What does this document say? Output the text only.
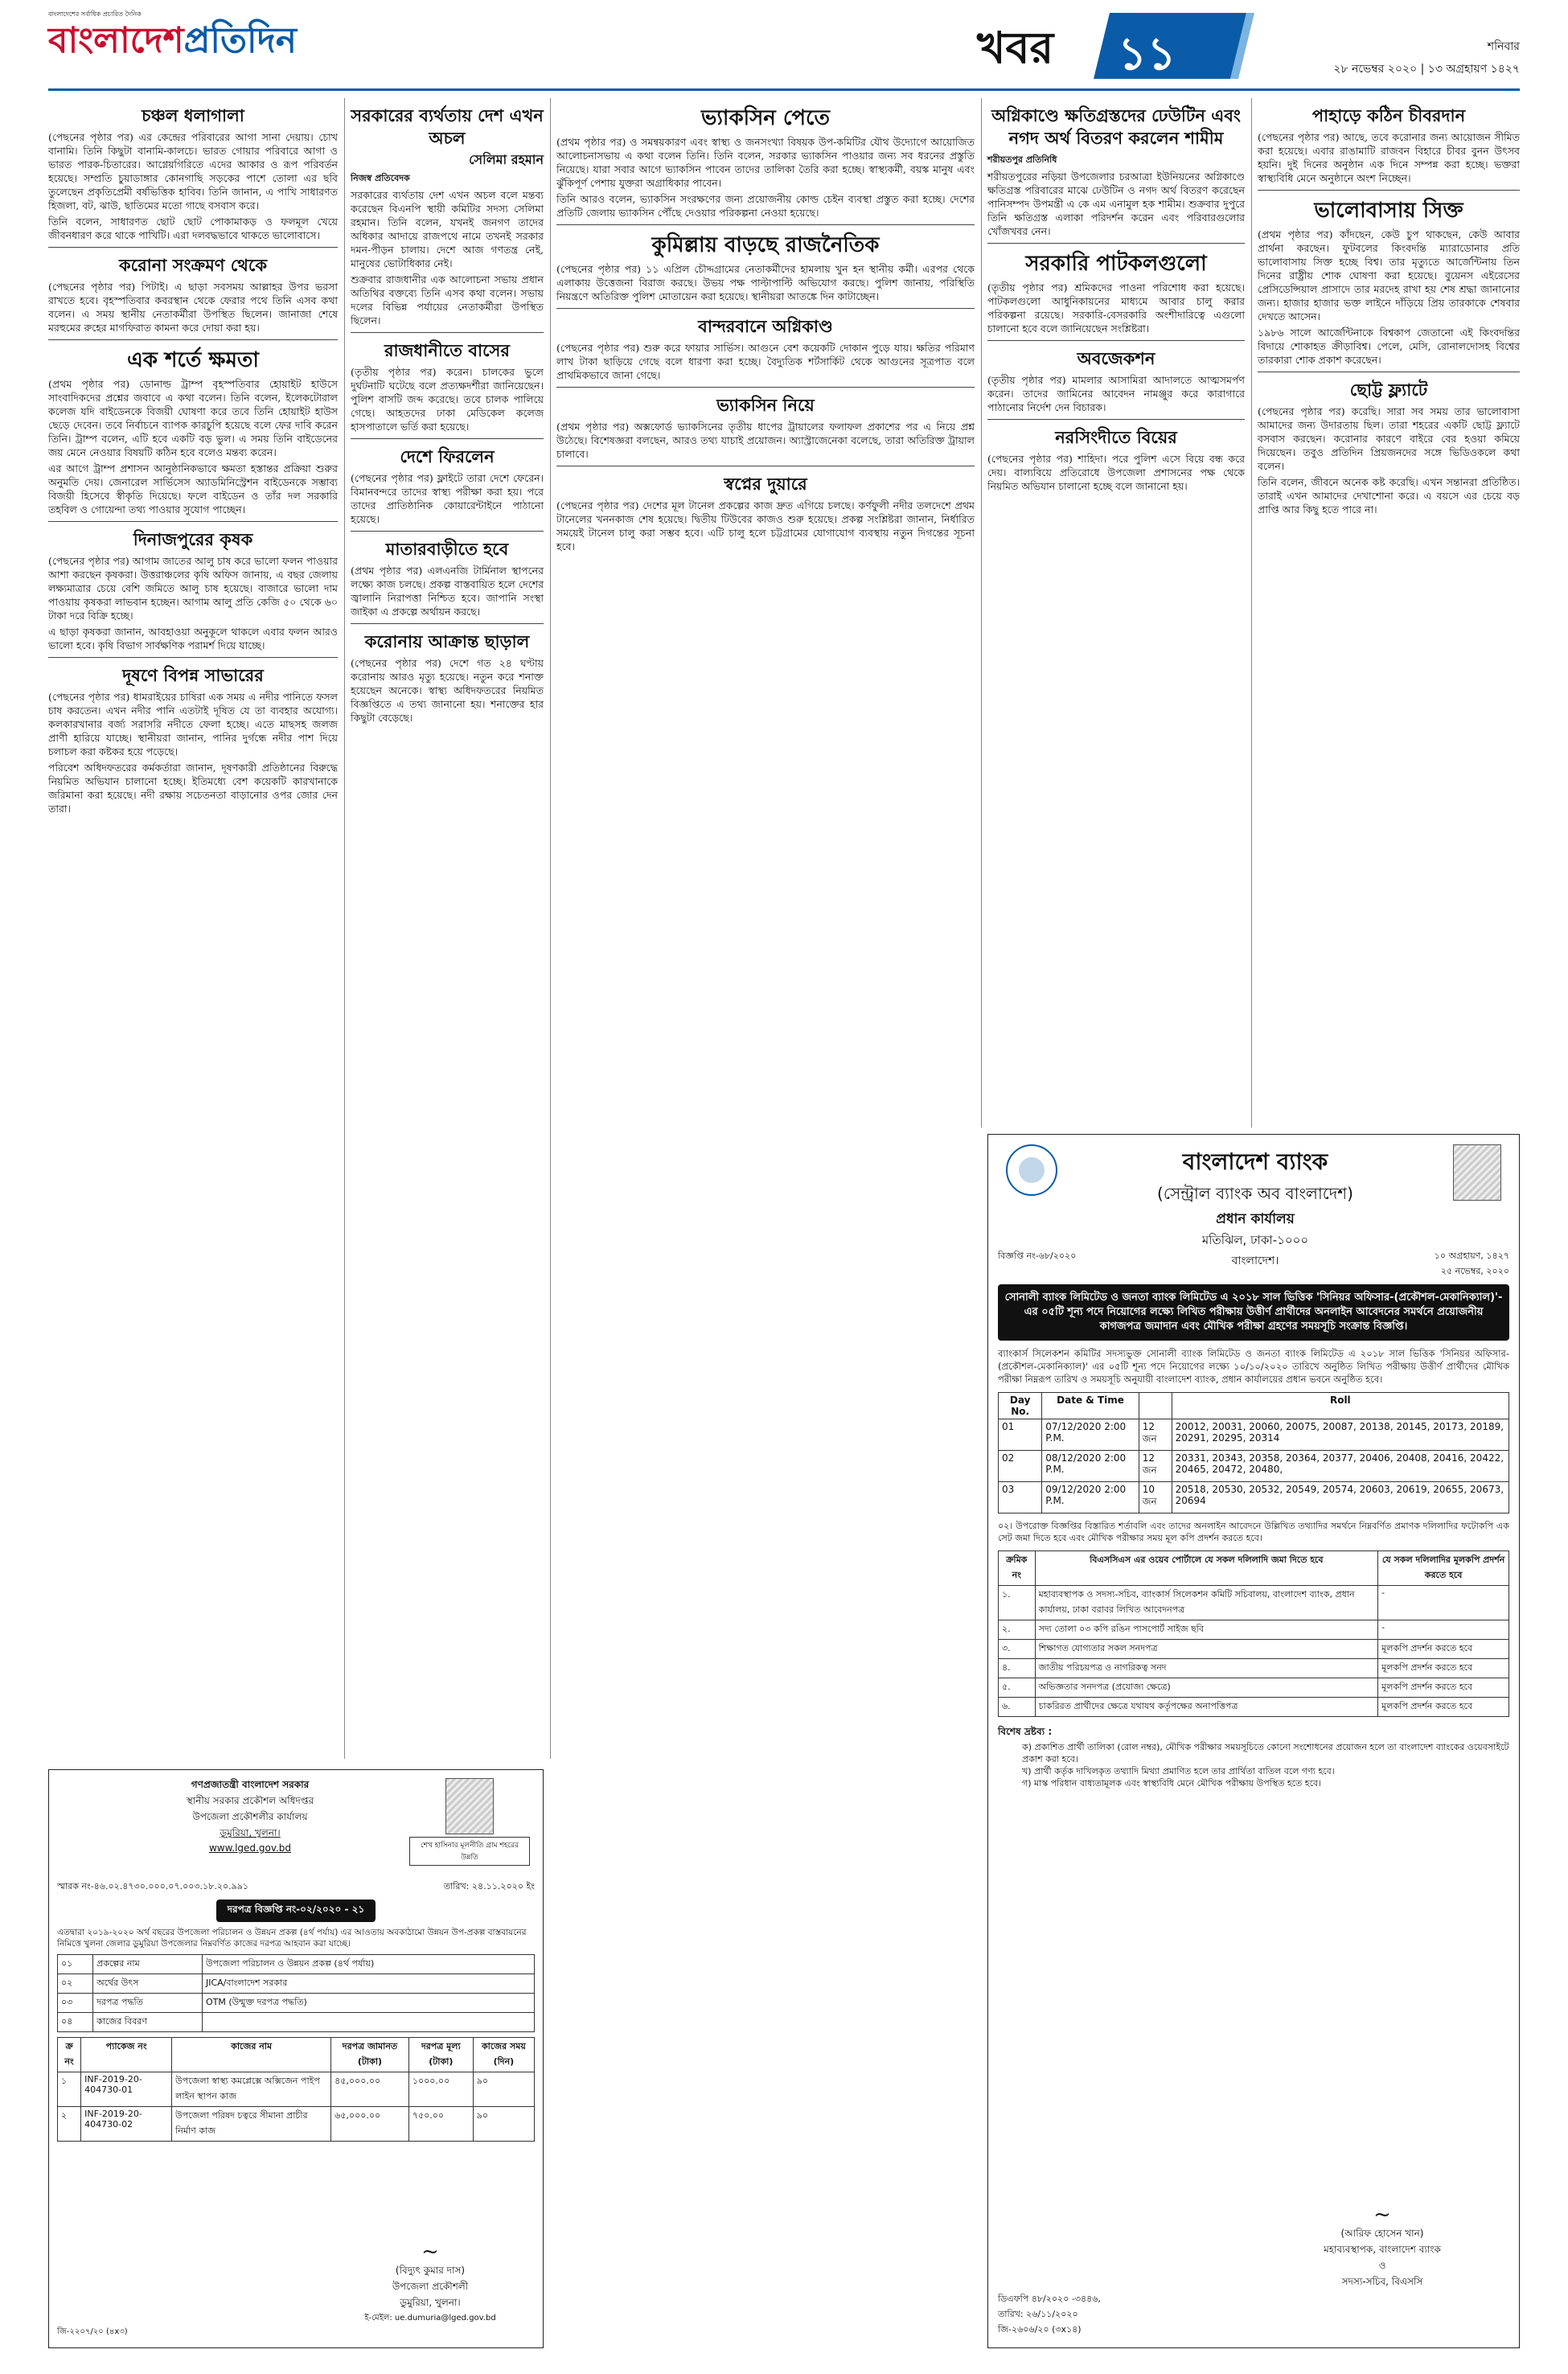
বাংলাদেশের সর্বাধিক প্রচারিত দৈনিক
বাংলাদেশপ্রতিদিন	খবর ১১	শনিবার
২৮ নভেম্বর ২০২০ | ১৩ অগ্রহায়ণ ১৪২৭
চঞ্চল ধলাগালা

(পেছনের পৃষ্ঠার পর) এর কেন্দ্রের পরিবারের আগা সানা দেয়ায়। চোখ বানামি। তিনি কিছুটা বানামি-কালচে। ভারত গোয়ার পরিবারে আগা ও ভারত পারক-চিতারের। আগ্নেয়গিরিতে এদের আকার ও রূপ পরিবর্তন হয়েছে। সম্প্রতি চুয়াডাঙ্গার কোনগাছি সড়কের পাশে তোলা এর ছবি তুলেছেন প্রকৃতিপ্রেমী বর্ষভিত্তিক হাবিব। তিনি জানান, এ পাখি সাধারণত হিজলা, বট, ঝাউ, ছাতিমের মতো গাছে বসবাস করে।

তিনি বলেন, সাধারণত ছোট ছোট পোকামাকড় ও ফলমূল খেয়ে জীবনধারণ করে থাকে পাখিটি। এরা দলবদ্ধভাবে থাকতে ভালোবাসে।

করোনা সংক্রমণ থেকে

(পেছনের পৃষ্ঠার পর) পিটাই। এ ছাড়া সবসময় আল্লাহর উপর ভরসা রাখতে হবে। বৃহস্পতিবার কবরস্থান থেকে ফেরার পথে তিনি এসব কথা বলেন। এ সময় স্থানীয় নেতাকর্মীরা উপস্থিত ছিলেন। জানাজা শেষে মরহুমের রুহের মাগফিরাত কামনা করে দোয়া করা হয়।

এক শর্তে ক্ষমতা

(প্রথম পৃষ্ঠার পর) ডোনাল্ড ট্রাম্প বৃহস্পতিবার হোয়াইট হাউসে সাংবাদিকদের প্রশ্নের জবাবে এ কথা বলেন। তিনি বলেন, ইলেকটোরাল কলেজ যদি বাইডেনকে বিজয়ী ঘোষণা করে তবে তিনি হোয়াইট হাউস ছেড়ে দেবেন। তবে নির্বাচনে ব্যাপক কারচুপি হয়েছে বলে ফের দাবি করেন তিনি। ট্রাম্প বলেন, এটি হবে একটি বড় ভুল। এ সময় তিনি বাইডেনের জয় মেনে নেওয়ার বিষয়টি কঠিন হবে বলেও মন্তব্য করেন।

এর আগে ট্রাম্প প্রশাসন আনুষ্ঠানিকভাবে ক্ষমতা হস্তান্তর প্রক্রিয়া শুরুর অনুমতি দেয়। জেনারেল সার্ভিসেস অ্যাডমিনিস্ট্রেশন বাইডেনকে সম্ভাব্য বিজয়ী হিসেবে স্বীকৃতি দিয়েছে। ফলে বাইডেন ও তাঁর দল সরকারি তহবিল ও গোয়েন্দা তথ্য পাওয়ার সুযোগ পাচ্ছেন।

দিনাজপুরের কৃষক

(পেছনের পৃষ্ঠার পর) আগাম জাতের আলু চাষ করে ভালো ফলন পাওয়ার আশা করছেন কৃষকরা। উত্তরাঞ্চলের কৃষি অফিস জানায়, এ বছর জেলায় লক্ষ্যমাত্রার চেয়ে বেশি জমিতে আলু চাষ হয়েছে। বাজারে ভালো দাম পাওয়ায় কৃষকরা লাভবান হচ্ছেন। আগাম আলু প্রতি কেজি ৫০ থেকে ৬০ টাকা দরে বিক্রি হচ্ছে।

এ ছাড়া কৃষকরা জানান, আবহাওয়া অনুকূলে থাকলে এবার ফলন আরও ভালো হবে। কৃষি বিভাগ সার্বক্ষণিক পরামর্শ দিয়ে যাচ্ছে।

দূষণে বিপন্ন সাভারের

(পেছনের পৃষ্ঠার পর) ধামরাইয়ের চাষিরা এক সময় এ নদীর পানিতে ফসল চাষ করতেন। এখন নদীর পানি এতটাই দূষিত যে তা ব্যবহার অযোগ্য। কলকারখানার বর্জ্য সরাসরি নদীতে ফেলা হচ্ছে। এতে মাছসহ জলজ প্রাণী হারিয়ে যাচ্ছে। স্থানীয়রা জানান, পানির দুর্গন্ধে নদীর পাশ দিয়ে চলাচল করা কষ্টকর হয়ে পড়েছে।

পরিবেশ অধিদফতরের কর্মকর্তারা জানান, দূষণকারী প্রতিষ্ঠানের বিরুদ্ধে নিয়মিত অভিযান চালানো হচ্ছে। ইতিমধ্যে বেশ কয়েকটি কারখানাকে জরিমানা করা হয়েছে। নদী রক্ষায় সচেতনতা বাড়ানোর ওপর জোর দেন তারা।

সরকারের ব্যর্থতায় দেশ এখন অচল
সেলিমা রহমান
নিজস্ব প্রতিবেদক

সরকারের ব্যর্থতায় দেশ এখন অচল বলে মন্তব্য করেছেন বিএনপি স্থায়ী কমিটির সদস্য সেলিমা রহমান। তিনি বলেন, যখনই জনগণ তাদের অধিকার আদায়ে রাজপথে নামে তখনই সরকার দমন-পীড়ন চালায়। দেশে আজ গণতন্ত্র নেই, মানুষের ভোটাধিকার নেই।

শুক্রবার রাজধানীর এক আলোচনা সভায় প্রধান অতিথির বক্তব্যে তিনি এসব কথা বলেন। সভায় দলের বিভিন্ন পর্যায়ের নেতাকর্মীরা উপস্থিত ছিলেন।

রাজধানীতে বাসের

(তৃতীয় পৃষ্ঠার পর) করেন। চালকের ভুলে দুর্ঘটনাটি ঘটেছে বলে প্রত্যক্ষদর্শীরা জানিয়েছেন। পুলিশ বাসটি জব্দ করেছে। তবে চালক পালিয়ে গেছে। আহতদের ঢাকা মেডিকেল কলেজ হাসপাতালে ভর্তি করা হয়েছে।

দেশে ফিরলেন

(পেছনের পৃষ্ঠার পর) ফ্লাইটে তারা দেশে ফেরেন। বিমানবন্দরে তাদের স্বাস্থ্য পরীক্ষা করা হয়। পরে তাদের প্রাতিষ্ঠানিক কোয়ারেন্টাইনে পাঠানো হয়েছে।

মাতারবাড়ীতে হবে

(প্রথম পৃষ্ঠার পর) এলএনজি টার্মিনাল স্থাপনের লক্ষ্যে কাজ চলছে। প্রকল্প বাস্তবায়িত হলে দেশের জ্বালানি নিরাপত্তা নিশ্চিত হবে। জাপানি সংস্থা জাইকা এ প্রকল্পে অর্থায়ন করছে।

করোনায় আক্রান্ত ছাড়াল

(পেছনের পৃষ্ঠার পর) দেশে গত ২৪ ঘণ্টায় করোনায় আরও মৃত্যু হয়েছে। নতুন করে শনাক্ত হয়েছেন অনেকে। স্বাস্থ্য অধিদফতরের নিয়মিত বিজ্ঞপ্তিতে এ তথ্য জানানো হয়। শনাক্তের হার কিছুটা বেড়েছে।

ভ্যাকসিন পেতে

(প্রথম পৃষ্ঠার পর) ও সমন্বয়কারণ এবং স্বাস্থ্য ও জনসংখ্যা বিষয়ক উপ-কমিটির যৌথ উদ্যোগে আয়োজিত আলোচনাসভায় এ কথা বলেন তিনি। তিনি বলেন, সরকার ভ্যাকসিন পাওয়ার জন্য সব ধরনের প্রস্তুতি নিয়েছে। যারা সবার আগে ভ্যাকসিন পাবেন তাদের তালিকা তৈরি করা হচ্ছে। স্বাস্থ্যকর্মী, বয়স্ক মানুষ এবং ঝুঁকিপূর্ণ পেশায় যুক্তরা অগ্রাধিকার পাবেন।

তিনি আরও বলেন, ভ্যাকসিন সংরক্ষণের জন্য প্রয়োজনীয় কোল্ড চেইন ব্যবস্থা প্রস্তুত করা হচ্ছে। দেশের প্রতিটি জেলায় ভ্যাকসিন পৌঁছে দেওয়ার পরিকল্পনা নেওয়া হয়েছে।

কুমিল্লায় বাড়ছে রাজনৈতিক

(পেছনের পৃষ্ঠার পর) ১১ এপ্রিল চৌদ্দগ্রামের নেতাকর্মীদের হামলায় খুন হন স্থানীয় কর্মী। এরপর থেকে এলাকায় উত্তেজনা বিরাজ করছে। উভয় পক্ষ পাল্টাপাল্টি অভিযোগ করছে। পুলিশ জানায়, পরিস্থিতি নিয়ন্ত্রণে অতিরিক্ত পুলিশ মোতায়েন করা হয়েছে। স্থানীয়রা আতঙ্কে দিন কাটাচ্ছেন।

বান্দরবানে অগ্নিকাণ্ড

(পেছনের পৃষ্ঠার পর) শুরু করে ফায়ার সার্ভিস। আগুনে বেশ কয়েকটি দোকান পুড়ে যায়। ক্ষতির পরিমাণ লাখ টাকা ছাড়িয়ে গেছে বলে ধারণা করা হচ্ছে। বৈদ্যুতিক শর্টসার্কিট থেকে আগুনের সূত্রপাত বলে প্রাথমিকভাবে জানা গেছে।

ভ্যাকসিন নিয়ে

(প্রথম পৃষ্ঠার পর) অক্সফোর্ড ভ্যাকসিনের তৃতীয় ধাপের ট্রায়ালের ফলাফল প্রকাশের পর এ নিয়ে প্রশ্ন উঠেছে। বিশেষজ্ঞরা বলছেন, আরও তথ্য যাচাই প্রয়োজন। অ্যাস্ট্রাজেনেকা বলেছে, তারা অতিরিক্ত ট্রায়াল চালাবে।

স্বপ্নের দুয়ারে

(পেছনের পৃষ্ঠার পর) দেশের মূল টানেল প্রকল্পের কাজ দ্রুত এগিয়ে চলছে। কর্ণফুলী নদীর তলদেশে প্রথম টানেলের খননকাজ শেষ হয়েছে। দ্বিতীয় টিউবের কাজও শুরু হয়েছে। প্রকল্প সংশ্লিষ্টরা জানান, নির্ধারিত সময়েই টানেল চালু করা সম্ভব হবে। এটি চালু হলে চট্টগ্রামের যোগাযোগ ব্যবস্থায় নতুন দিগন্তের সূচনা হবে।

অগ্নিকাণ্ডে ক্ষতিগ্রস্তদের ঢেউটিন এবং নগদ অর্থ বিতরণ করলেন শামীম
শরীয়তপুর প্রতিনিধি

শরীয়তপুরের নড়িয়া উপজেলার চরআত্রা ইউনিয়নের অগ্নিকাণ্ডে ক্ষতিগ্রস্ত পরিবারের মাঝে ঢেউটিন ও নগদ অর্থ বিতরণ করেছেন পানিসম্পদ উপমন্ত্রী এ কে এম এনামুল হক শামীম। শুক্রবার দুপুরে তিনি ক্ষতিগ্রস্ত এলাকা পরিদর্শন করেন এবং পরিবারগুলোর খোঁজখবর নেন।

সরকারি পাটকলগুলো

(তৃতীয় পৃষ্ঠার পর) শ্রমিকদের পাওনা পরিশোধ করা হয়েছে। পাটকলগুলো আধুনিকায়নের মাধ্যমে আবার চালু করার পরিকল্পনা রয়েছে। সরকারি-বেসরকারি অংশীদারিত্বে এগুলো চালানো হবে বলে জানিয়েছেন সংশ্লিষ্টরা।

অবজেকশন

(তৃতীয় পৃষ্ঠার পর) মামলার আসামিরা আদালতে আত্মসমর্পণ করেন। তাদের জামিনের আবেদন নামঞ্জুর করে কারাগারে পাঠানোর নির্দেশ দেন বিচারক।

নরসিংদীতে বিয়ের

(পেছনের পৃষ্ঠার পর) শাহিদা। পরে পুলিশ এসে বিয়ে বন্ধ করে দেয়। বাল্যবিয়ে প্রতিরোধে উপজেলা প্রশাসনের পক্ষ থেকে নিয়মিত অভিযান চালানো হচ্ছে বলে জানানো হয়।

পাহাড়ে কঠিন চীবরদান

(পেছনের পৃষ্ঠার পর) আছে, তবে করোনার জন্য আয়োজন সীমিত করা হয়েছে। এবার রাঙামাটি রাজবন বিহারে চীবর বুনন উৎসব হয়নি। দুই দিনের অনুষ্ঠান এক দিনে সম্পন্ন করা হচ্ছে। ভক্তরা স্বাস্থ্যবিধি মেনে অনুষ্ঠানে অংশ নিচ্ছেন।

ভালোবাসায় সিক্ত

(প্রথম পৃষ্ঠার পর) কাঁদছেন, কেউ চুপ থাকছেন, কেউ আবার প্রার্থনা করছেন। ফুটবলের কিংবদন্তি ম্যারাডোনার প্রতি ভালোবাসায় সিক্ত হচ্ছে বিশ্ব। তার মৃত্যুতে আর্জেন্টিনায় তিন দিনের রাষ্ট্রীয় শোক ঘোষণা করা হয়েছে। বুয়েনস এইরেসের প্রেসিডেন্সিয়াল প্রাসাদে তার মরদেহ রাখা হয় শেষ শ্রদ্ধা জানানোর জন্য। হাজার হাজার ভক্ত লাইনে দাঁড়িয়ে প্রিয় তারকাকে শেষবার দেখতে আসেন।

১৯৮৬ সালে আর্জেন্টিনাকে বিশ্বকাপ জেতানো এই কিংবদন্তির বিদায়ে শোকাহত ক্রীড়াবিশ্ব। পেলে, মেসি, রোনালদোসহ বিশ্বের তারকারা শোক প্রকাশ করেছেন।

ছোট্ট ফ্ল্যাটে

(পেছনের পৃষ্ঠার পর) করেছি। সারা সব সময় তার ভালোবাসা আমাদের জন্য উদারতায় ছিল। তারা শহরের একটি ছোট্ট ফ্ল্যাটে বসবাস করছেন। করোনার কারণে বাইরে বের হওয়া কমিয়ে দিয়েছেন। তবুও প্রতিদিন প্রিয়জনদের সঙ্গে ভিডিওকলে কথা বলেন।

তিনি বলেন, জীবনে অনেক কষ্ট করেছি। এখন সন্তানরা প্রতিষ্ঠিত। তারাই এখন আমাদের দেখাশোনা করে। এ বয়সে এর চেয়ে বড় প্রাপ্তি আর কিছু হতে পারে না।

গণপ্রজাতন্ত্রী বাংলাদেশ সরকার
স্থানীয় সরকার প্রকৌশল অধিদপ্তর
উপজেলা প্রকৌশলীর কার্যালয়
ডুমুরিয়া, খুলনা।
www.lged.gov.bd	শেখ হাসিনার মূলনীতি গ্রাম শহরের উন্নতি
স্মারক নং-৪৬.০২.৪৭৩০.০০০.০৭.০০৩.১৮.২০.৯৯১	তারিখ: ২৪.১১.২০২০ ইং
দরপত্র বিজ্ঞপ্তি নং-০২/২০২০ - ২১

এতদ্বারা ২০১৯-২০২০ অর্থ বছরের উপজেলা পরিচালন ও উন্নয়ন প্রকল্প (৪র্থ পর্যায়) এর আওতায় অবকাঠামো উন্নয়ন উপ-প্রকল্প বাস্তবায়নের নিমিত্তে খুলনা জেলার ডুমুরিয়া উপজেলার নিম্নবর্ণিত কাজের দরপত্র আহবান করা যাচ্ছে।

০১	প্রকল্পের নাম	উপজেলা পরিচালন ও উন্নয়ন প্রকল্প (৪র্থ পর্যায়)
০২	অর্থের উৎস	JICA/বাংলাদেশ সরকার
০৩	দরপত্র পদ্ধতি	OTM (উন্মুক্ত দরপত্র পদ্ধতি)
০৪	কাজের বিবরণ	
ক্র নং	প্যাকেজ নং	কাজের নাম	দরপত্র জামানত (টাকা)	দরপত্র মূল্য (টাকা)	কাজের সময় (দিন)
১	INF-2019-20-404730-01	উপজেলা স্বাস্থ্য কমপ্লেক্সে অক্সিজেন পাইপ লাইন স্থাপন কাজ	৪৫,০০০.০০	১০০০.০০	৯০
২	INF-2019-20-404730-02	উপজেলা পরিষদ চত্বরে সীমানা প্রাচীর নির্মাণ কাজ	৬৫,০০০.০০	৭৫০.০০	৯০
~
(বিদ্যুৎ কুমার দাস)
উপজেলা প্রকৌশলী
ডুমুরিয়া, খুলনা।
ই-মেইল: ue.dumuria@lged.gov.bd
জি-২২০৭/২০ (৪x৩)
বাংলাদেশ ব্যাংক
(সেন্ট্রাল ব্যাংক অব বাংলাদেশ)
প্রধান কার্যালয়
মতিঝিল, ঢাকা-১০০০
বাংলাদেশ।
বিজ্ঞপ্তি নং-৬৮/২০২০	১০ অগ্রহায়ণ, ১৪২৭
২৫ নভেম্বর, ২০২০
সোনালী ব্যাংক লিমিটেড ও জনতা ব্যাংক লিমিটেড এ ২০১৮ সাল ভিত্তিক 'সিনিয়র অফিসার-(প্রকৌশল-মেকানিক্যাল)'-এর ০৫টি শূন্য পদে নিয়োগের লক্ষ্যে লিখিত পরীক্ষায় উত্তীর্ণ প্রার্থীদের অনলাইন আবেদনের সমর্থনে প্রয়োজনীয় কাগজপত্র জমাদান এবং মৌখিক পরীক্ষা গ্রহণের সময়সূচি সংক্রান্ত বিজ্ঞপ্তি।

ব্যাংকার্স সিলেকশন কমিটির সদস্যভুক্ত সোনালী ব্যাংক লিমিটেড ও জনতা ব্যাংক লিমিটেড এ ২০১৮ সাল ভিত্তিক 'সিনিয়র অফিসার-(প্রকৌশল-মেকানিক্যাল)' এর ০৫টি শূন্য পদে নিয়োগের লক্ষ্যে ১০/১০/২০২০ তারিখে অনুষ্ঠিত লিখিত পরীক্ষায় উত্তীর্ণ প্রার্থীদের মৌখিক পরীক্ষা নিম্নরূপ তারিখ ও সময়সূচি অনুযায়ী বাংলাদেশ ব্যাংক, প্রধান কার্যালয়ের প্রধান ভবনে অনুষ্ঠিত হবে।

Day No.	Date & Time		Roll
01	07/12/2020 2:00 P.M.	12 জন	20012, 20031, 20060, 20075, 20087, 20138, 20145, 20173, 20189, 20291, 20295, 20314
02	08/12/2020 2:00 P.M.	12 জন	20331, 20343, 20358, 20364, 20377, 20406, 20408, 20416, 20422, 20465, 20472, 20480,
03	09/12/2020 2:00 P.M.	10 জন	20518, 20530, 20532, 20549, 20574, 20603, 20619, 20655, 20673, 20694

০২। উপরোক্ত বিজ্ঞপ্তির বিস্তারিত শর্তাবলি এবং তাদের অনলাইন আবেদনে উল্লিখিত তথ্যাদির সমর্থনে নিম্নবর্ণিত প্রমাণক দলিলাদির ফটোকপি এক সেট জমা দিতে হবে এবং মৌখিক পরীক্ষার সময় মূল কপি প্রদর্শন করতে হবে।

ক্রমিক নং	বিএসসিএস এর ওয়েব পোর্টালে যে সকল দলিলাদি জমা দিতে হবে	যে সকল দলিলাদির মূলকপি প্রদর্শন করতে হবে
১.	মহাব্যবস্থাপক ও সদস্য-সচিব, ব্যাংকার্স সিলেকশন কমিটি সচিবালয়, বাংলাদেশ ব্যাংক, প্রধান কার্যালয়, ঢাকা বরাবর লিখিত আবেদনপত্র	-
২.	সদ্য তোলা ০৩ কপি রঙিন পাসপোর্ট সাইজ ছবি	-
৩.	শিক্ষাগত যোগ্যতার সকল সনদপত্র	মূলকপি প্রদর্শন করতে হবে
৪.	জাতীয় পরিচয়পত্র ও নাগরিকত্ব সনদ	মূলকপি প্রদর্শন করতে হবে
৫.	অভিজ্ঞতার সনদপত্র (প্রযোজ্য ক্ষেত্রে)	মূলকপি প্রদর্শন করতে হবে
৬.	চাকরিরত প্রার্থীদের ক্ষেত্রে যথাযথ কর্তৃপক্ষের অনাপত্তিপত্র	মূলকপি প্রদর্শন করতে হবে
বিশেষ দ্রষ্টব্য :
ক) প্রকাশিত প্রার্থী তালিকা (রোল নম্বর), মৌখিক পরীক্ষার সময়সূচিতে কোনো সংশোধনের প্রয়োজন হলে তা বাংলাদেশ ব্যাংকের ওয়েবসাইটে প্রকাশ করা হবে।
খ) প্রার্থী কর্তৃক দাখিলকৃত তথ্যাদি মিথ্যা প্রমাণিত হলে তার প্রার্থিতা বাতিল বলে গণ্য হবে।
গ) মাস্ক পরিধান বাধ্যতামূলক এবং স্বাস্থ্যবিধি মেনে মৌখিক পরীক্ষায় উপস্থিত হতে হবে।
~
(আরিফ হোসেন খান)
মহাব্যবস্থাপক, বাংলাদেশ ব্যাংক
ও
সদস্য-সচিব, বিএসসি
ডিএফপি ৪৮/২০২০ -৩৪৪৬,
তারিখ: ২৬/১১/২০২০
জি-২৬০৬/২০ (৩x১৪)
